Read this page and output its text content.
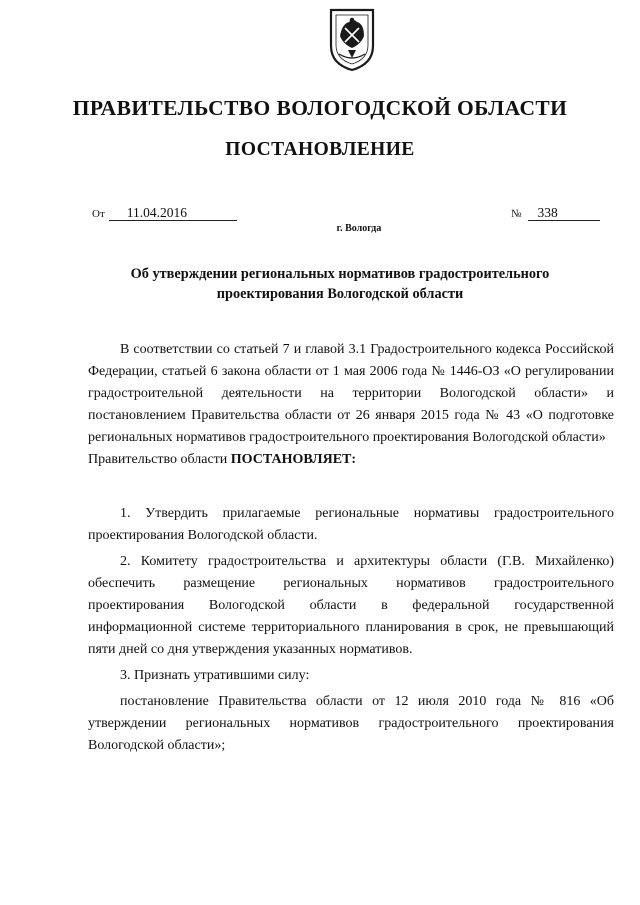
ПРАВИТЕЛЬСТВО ВОЛОГОДСКОЙ ОБЛАСТИ
ПОСТАНОВЛЕНИЕ
От 11.04.2016	№ 338
г. Вологда
Об утверждении региональных нормативов градостроительного проектирования Вологодской области

В соответствии со статьей 7 и главой 3.1 Градостроительного кодекса Российской Федерации, статьей 6 закона области от 1 мая 2006 года № 1446-ОЗ «О регулировании градостроительной деятельности на территории Вологодской области» и постановлением Правительства области от 26 января 2015 года № 43 «О подготовке региональных нормативов градостроительного проектирования Вологодской области»

Правительство области ПОСТАНОВЛЯЕТ:

1. Утвердить прилагаемые региональные нормативы градостроительного проектирования Вологодской области.

2. Комитету градостроительства и архитектуры области (Г.В. Михайленко) обеспечить размещение региональных нормативов градостроительного проектирования Вологодской области в федеральной государственной информационной системе территориального планирования в срок, не превышающий пяти дней со дня утверждения указанных нормативов.

3. Признать утратившими силу:

постановление Правительства области от 12 июля 2010 года № 816 «Об утверждении региональных нормативов градостроительного проектирования Вологодской области»;
